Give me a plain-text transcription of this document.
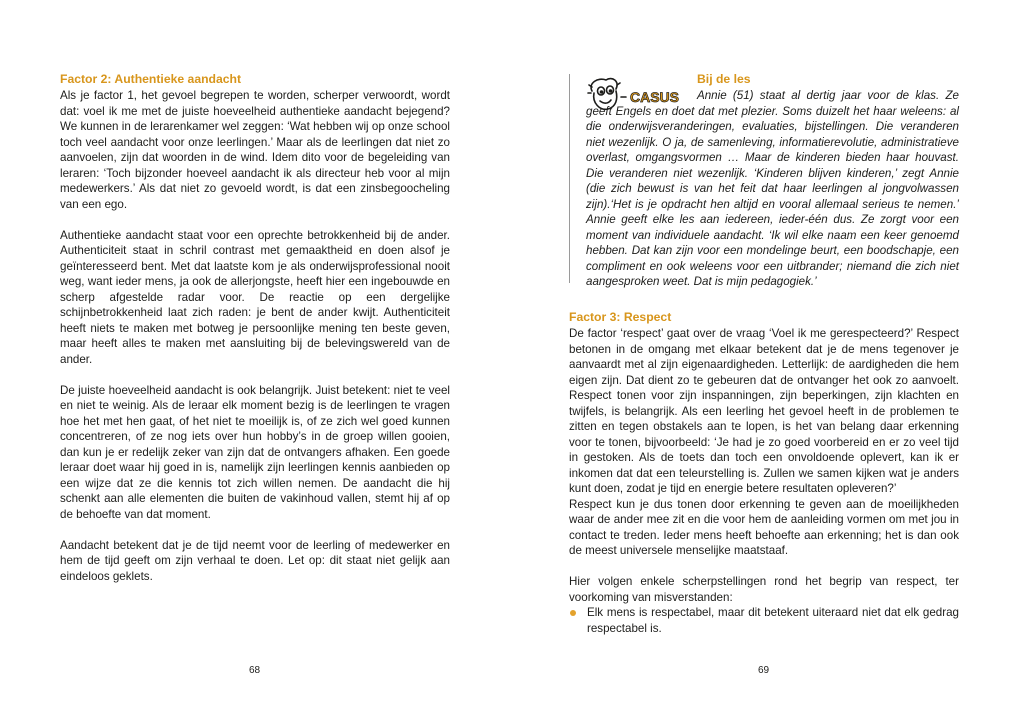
Factor 2: Authentieke aandacht

Als je factor 1, het gevoel begrepen te worden, scherper verwoordt, wordt dat: voel ik me met de juiste hoeveelheid authentieke aandacht bejegend? We kunnen in de lerarenkamer wel zeggen: ‘Wat hebben wij op onze school toch veel aandacht voor onze leerlingen.’ Maar als de leerlingen dat niet zo aanvoelen, zijn dat woorden in de wind. Idem dito voor de begeleiding van leraren: ‘Toch bijzonder hoeveel aandacht ik als directeur heb voor al mijn medewerkers.’ Als dat niet zo gevoeld wordt, is dat een zinsbegoocheling van een ego.

Authentieke aandacht staat voor een oprechte betrokkenheid bij de ander. Authenticiteit staat in schril contrast met gemaaktheid en doen alsof je geïnteresseerd bent. Met dat laatste kom je als onderwijsprofessional nooit weg, want ieder mens, ja ook de allerjongste, heeft hier een ingebouwde en scherp afgestelde radar voor. De reactie op een dergelijke schijnbetrokkenheid laat zich raden: je bent de ander kwijt. Authenticiteit heeft niets te maken met botweg je persoonlijke mening ten beste geven, maar heeft alles te maken met aansluiting bij de belevingswereld van de ander.

De juiste hoeveelheid aandacht is ook belangrijk. Juist betekent: niet te veel en niet te weinig. Als de leraar elk moment bezig is de leerlingen te vragen hoe het met hen gaat, of het niet te moeilijk is, of ze zich wel goed kunnen concentreren, of ze nog iets over hun hobby’s in de groep willen gooien, dan kun je er redelijk zeker van zijn dat de ontvangers afhaken. Een goede leraar doet waar hij goed in is, namelijk zijn leerlingen kennis aanbieden op een wijze dat ze die kennis tot zich willen nemen. De aandacht die hij schenkt aan alle elementen die buiten de vakinhoud vallen, stemt hij af op de behoefte van dat moment.

Aandacht betekent dat je de tijd neemt voor de leerling of medewerker en hem de tijd geeft om zijn verhaal te doen. Let op: dit staat niet gelijk aan eindeloos geklets.

68
CASUS
Bij de les
Annie (51) staat al dertig jaar voor de klas. Ze geeft Engels en doet dat met plezier. Soms duizelt het haar weleens: al die onderwijsveranderingen, evaluaties, bijstellingen. Die veranderen niet wezenlijk. O ja, de samenleving, informatierevolutie, administratieve overlast, omgangsvormen … Maar de kinderen bieden haar houvast. Die veranderen niet wezenlijk. ‘Kinderen blijven kinderen,’ zegt Annie (die zich bewust is van het feit dat haar leerlingen al jongvolwassen zijn).‘Het is je opdracht hen altijd en vooral allemaal serieus te nemen.’ Annie geeft elke les aan iedereen, ieder-één dus. Ze zorgt voor een moment van individuele aandacht. ‘Ik wil elke naam een keer genoemd hebben. Dat kan zijn voor een mondelinge beurt, een boodschapje, een compliment en ook weleens voor een uitbrander; niemand die zich niet aangesproken weet. Dat is mijn pedagogiek.’
Factor 3: Respect

De factor ‘respect’ gaat over de vraag ‘Voel ik me gerespecteerd?’ Respect betonen in de omgang met elkaar betekent dat je de mens tegenover je aanvaardt met al zijn eigenaardigheden. Letterlijk: de aardigheden die hem eigen zijn. Dat dient zo te gebeuren dat de ontvanger het ook zo aanvoelt. Respect tonen voor zijn inspanningen, zijn beperkingen, zijn klachten en twijfels, is belangrijk. Als een leerling het gevoel heeft in de problemen te zitten en tegen obstakels aan te lopen, is het van belang daar erkenning voor te tonen, bijvoorbeeld: ‘Je had je zo goed voorbereid en er zo veel tijd in gestoken. Als de toets dan toch een onvoldoende oplevert, kan ik er inkomen dat dat een teleurstelling is. Zullen we samen kijken wat je anders kunt doen, zodat je tijd en energie betere resultaten opleveren?’

Respect kun je dus tonen door erkenning te geven aan de moeilijkheden waar de ander mee zit en die voor hem de aanleiding vormen om met jou in contact te treden. Ieder mens heeft behoefte aan erkenning; het is dan ook de meest universele menselijke maatstaaf.

Hier volgen enkele scherpstellingen rond het begrip van respect, ter voorkoming van misverstanden:

Elk mens is respectabel, maar dit betekent uiteraard niet dat elk gedrag respectabel is.
69
